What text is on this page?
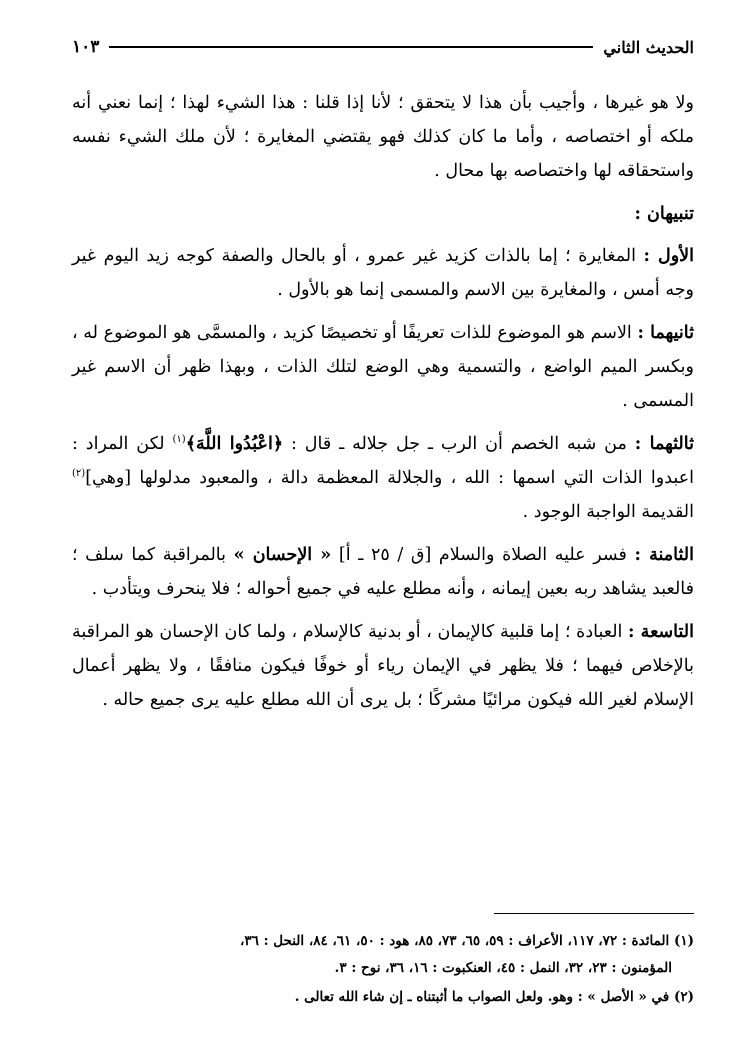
الحديث الثاني
١٠٣

ولا هو غيرها ، وأجيب بأن هذا لا يتحقق ؛ لأنا إذا قلنا : هذا الشيء لهذا ؛ إنما نعني أنه ملكه أو اختصاصه ، وأما ما كان كذلك فهو يقتضي المغايرة ؛ لأن ملك الشيء نفسه واستحقاقه لها واختصاصه بها محال .

تنبيهان :

الأول : المغايرة ؛ إما بالذات كزيد غير عمرو ، أو بالحال والصفة كوجه زيد اليوم غير وجه أمس ، والمغايرة بين الاسم والمسمى إنما هو بالأول .

ثانيهما : الاسم هو الموضوع للذات تعريفًا أو تخصيصًا كزيد ، والمسمَّى هو الموضوع له ، وبكسر الميم الواضع ، والتسمية وهي الوضع لتلك الذات ، وبهذا ظهر أن الاسم غير المسمى .

ثالثهما : من شبه الخصم أن الرب ـ جل جلاله ـ قال : ﴿اعْبُدُوا اللَّهَ﴾$^{(١)}$ لكن المراد : اعبدوا الذات التي اسمها : الله ، والجلالة المعظمة دالة ، والمعبود مدلولها [وهي]$^{(٢)}$ القديمة الواجبة الوجود .

الثامنة : فسر عليه الصلاة والسلام [ق / ٢٥ ـ أ] « الإحسان » بالمراقبة كما سلف ؛ فالعبد يشاهد ربه بعين إيمانه ، وأنه مطلع عليه في جميع أحواله ؛ فلا ينحرف ويتأدب .

التاسعة : العبادة ؛ إما قلبية كالإيمان ، أو بدنية كالإسلام ، ولما كان الإحسان هو المراقبة بالإخلاص فيهما ؛ فلا يظهر في الإيمان رياء أو خوفًا فيكون منافقًا ، ولا يظهر أعمال الإسلام لغير الله فيكون مرائيًا مشركًا ؛ بل يرى أن الله مطلع عليه يرى جميع حاله .

(١) المائدة : ٧٢، ١١٧، الأعراف : ٥٩، ٦٥، ٧٣، ٨٥، هود : ٥٠، ٦١، ٨٤، النحل : ٣٦،
المؤمنون : ٢٣، ٣٢، النمل : ٤٥، العنكبوت : ١٦، ٣٦، نوح : ٣.
(٢) في « الأصل » : وهو. ولعل الصواب ما أثبتناه ـ إن شاء الله تعالى .
